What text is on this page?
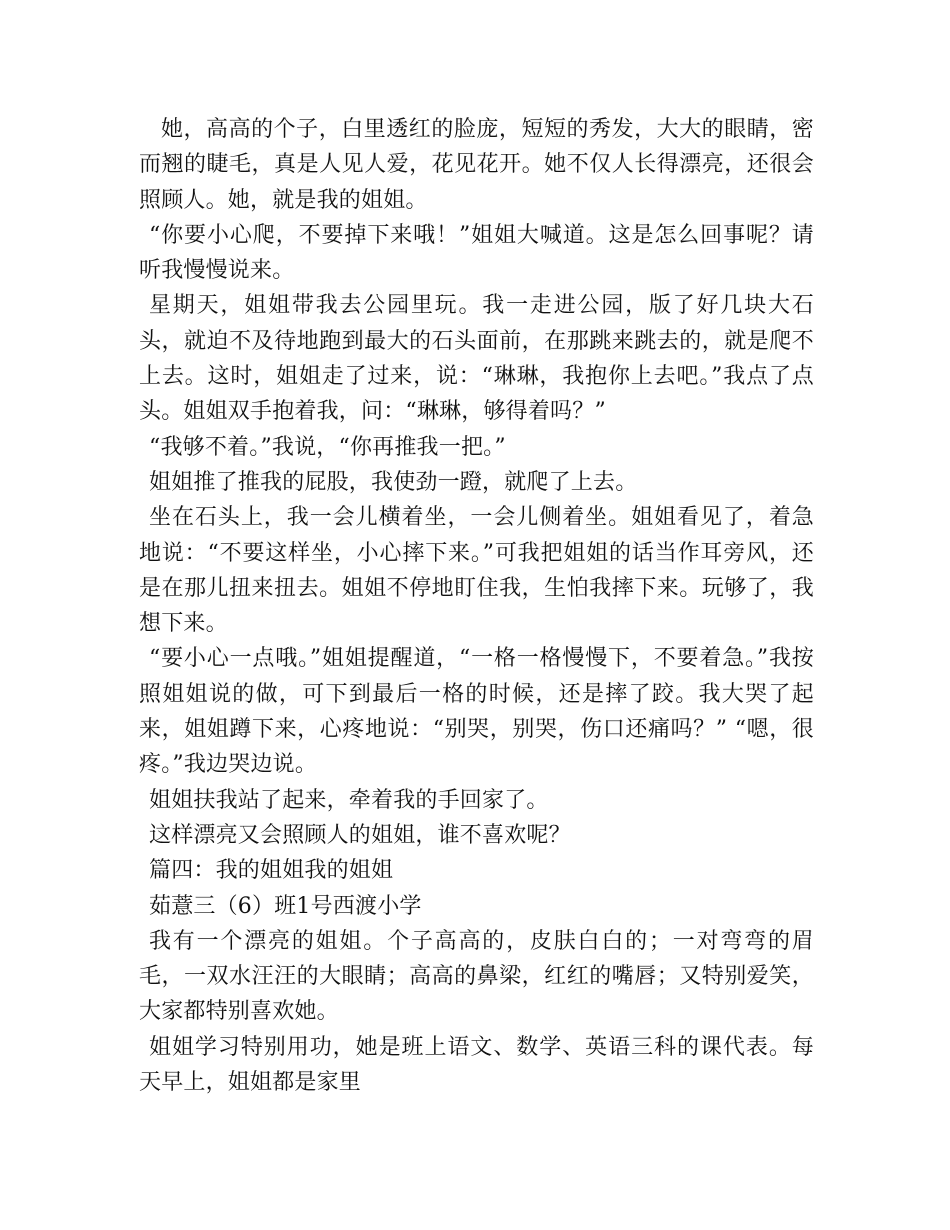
她，高高的个子，白里透红的脸庞，短短的秀发，大大的眼睛，密而翘的睫毛，真是人见人爱，花见花开。她不仅人长得漂亮，还很会照顾人。她，就是我的姐姐。

“你要小心爬，不要掉下来哦！”姐姐大喊道。这是怎么回事呢？请听我慢慢说来。

星期天，姐姐带我去公园里玩。我一走进公园，版了好几块大石头，就迫不及待地跑到最大的石头面前，在那跳来跳去的，就是爬不上去。这时，姐姐走了过来，说：“琳琳，我抱你上去吧。”我点了点头。姐姐双手抱着我，问：“琳琳，够得着吗？”

“我够不着。”我说，“你再推我一把。”

姐姐推了推我的屁股，我使劲一蹬，就爬了上去。

坐在石头上，我一会儿横着坐，一会儿侧着坐。姐姐看见了，着急地说：“不要这样坐，小心摔下来。”可我把姐姐的话当作耳旁风，还是在那儿扭来扭去。姐姐不停地盯住我，生怕我摔下来。玩够了，我想下来。

“要小心一点哦。”姐姐提醒道，“一格一格慢慢下，不要着急。”我按照姐姐说的做，可下到最后一格的时候，还是摔了跤。我大哭了起来，姐姐蹲下来，心疼地说：“别哭，别哭，伤口还痛吗？” “嗯，很疼。”我边哭边说。

姐姐扶我站了起来，牵着我的手回家了。

这样漂亮又会照顾人的姐姐，谁不喜欢呢？

篇四：我的姐姐我的姐姐

茹薏三（6）班1号西渡小学

我有一个漂亮的姐姐。个子高高的，皮肤白白的；一对弯弯的眉毛，一双水汪汪的大眼睛；高高的鼻梁，红红的嘴唇；又特别爱笑，大家都特别喜欢她。

姐姐学习特别用功，她是班上语文、数学、英语三科的课代表。每天早上，姐姐都是家里
